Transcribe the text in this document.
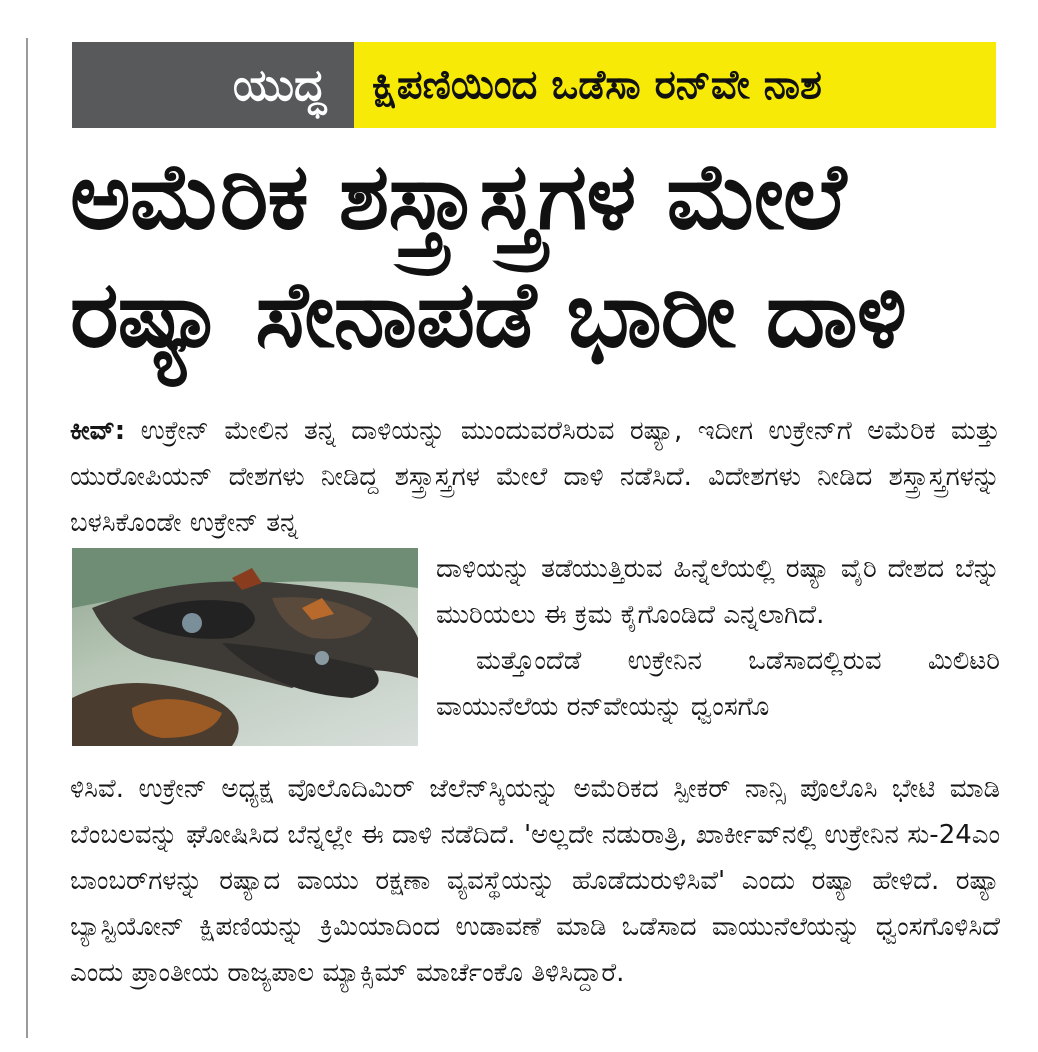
ಯುದ್ಧ	ಕ್ಷಿಪಣಿಯಿಂದ ಒಡೆಸಾ ರನ್‌ವೇ ನಾಶ
ಅಮೆರಿಕ ಶಸ್ತ್ರಾಸ್ತ್ರಗಳ ಮೇಲೆ
ರಷ್ಯಾ ಸೇನಾಪಡೆ ಭಾರೀ ದಾಳಿ
ಕೀವ್: ಉಕ್ರೇನ್ ಮೇಲಿನ ತನ್ನ ದಾಳಿಯನ್ನು ಮುಂದುವರೆಸಿರುವ ರಷ್ಯಾ, ಇದೀಗ ಉಕ್ರೇನ್‌ಗೆ ಅಮೆರಿಕ ಮತ್ತು ಯುರೋಪಿಯನ್ ದೇಶಗಳು ನೀಡಿದ್ದ ಶಸ್ತ್ರಾಸ್ತ್ರಗಳ ಮೇಲೆ ದಾಳಿ ನಡೆಸಿದೆ. ವಿದೇಶಗಳು ನೀಡಿದ ಶಸ್ತ್ರಾಸ್ತ್ರಗಳನ್ನು ಬಳಸಿಕೊಂಡೇ ಉಕ್ರೇನ್ ತನ್ನ
ದಾಳಿಯನ್ನು ತಡೆಯುತ್ತಿರುವ ಹಿನ್ನೆಲೆಯಲ್ಲಿ ರಷ್ಯಾ ವೈರಿ ದೇಶದ ಬೆನ್ನು ಮುರಿಯಲು ಈ ಕ್ರಮ ಕೈಗೊಂಡಿದೆ ಎನ್ನಲಾಗಿದೆ.
ಮತ್ತೊಂದೆಡೆ ಉಕ್ರೇನಿನ ಒಡೆಸಾದಲ್ಲಿರುವ ಮಿಲಿಟರಿ ವಾಯುನೆಲೆಯ ರನ್‌ವೇಯನ್ನು ಧ್ವಂಸಗೊ
ಳಿಸಿವೆ. ಉಕ್ರೇನ್ ಅಧ್ಯಕ್ಷ ವೊಲೊದಿಮಿರ್ ಜೆಲೆನ್‌ಸ್ಕಿಯನ್ನು ಅಮೆರಿಕದ ಸ್ಪೀಕರ್ ನಾನ್ಸಿ ಪೊಲೊಸಿ ಭೇಟಿ ಮಾಡಿ ಬೆಂಬಲವನ್ನು ಘೋಷಿಸಿದ ಬೆನ್ನಲ್ಲೇ ಈ ದಾಳಿ ನಡೆದಿದೆ. 'ಅಲ್ಲದೇ ನಡುರಾತ್ರಿ, ಖಾರ್ಕೀವ್‌ನಲ್ಲಿ ಉಕ್ರೇನಿನ ಸು-24ಎಂ ಬಾಂಬರ್‌ಗಳನ್ನು ರಷ್ಯಾದ ವಾಯು ರಕ್ಷಣಾ ವ್ಯವಸ್ಥೆಯನ್ನು ಹೊಡೆದುರುಳಿಸಿವೆ' ಎಂದು ರಷ್ಯಾ ಹೇಳಿದೆ. ರಷ್ಯಾ ಬ್ಯಾಸ್ಟಿಯೋನ್ ಕ್ಷಿಪಣಿಯನ್ನು ಕ್ರಿಮಿಯಾದಿಂದ ಉಡಾವಣೆ ಮಾಡಿ ಒಡೆಸಾದ ವಾಯುನೆಲೆಯನ್ನು ಧ್ವಂಸಗೊಳಿಸಿದೆ ಎಂದು ಪ್ರಾಂತೀಯ ರಾಜ್ಯಪಾಲ ಮ್ಯಾಕ್ಸಿಮ್ ಮಾರ್ಚೆಂಕೊ ತಿಳಿಸಿದ್ದಾರೆ.
